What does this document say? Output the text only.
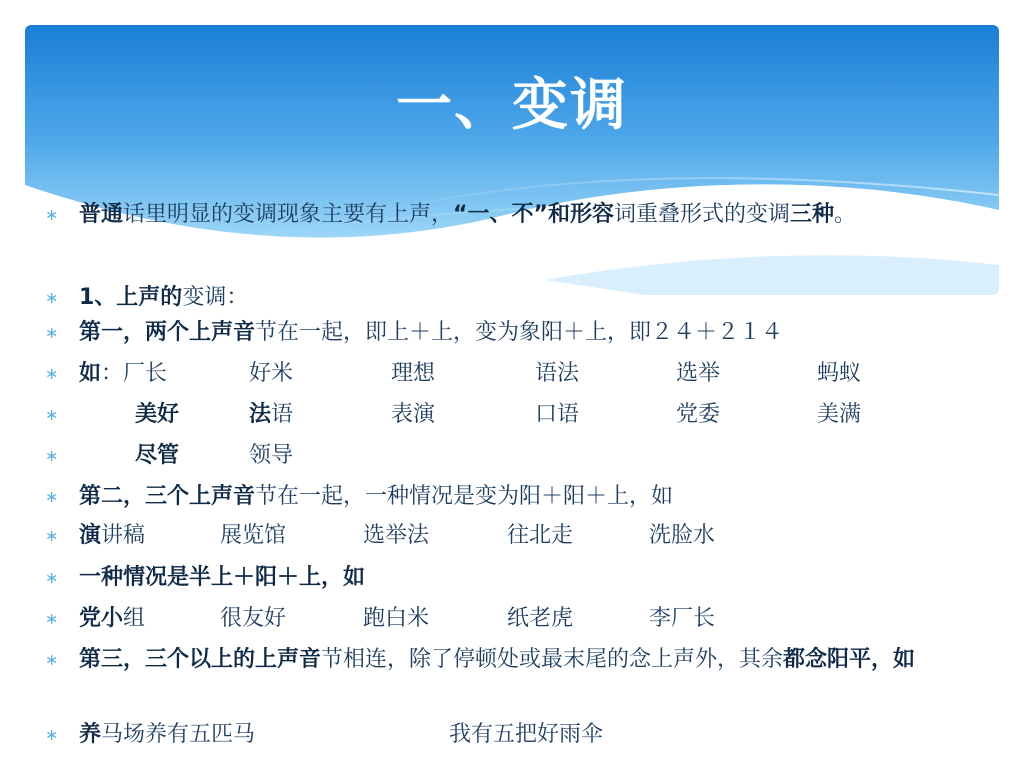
一、变调
∗ 普通话里明显的变调现象主要有上声，“一、不”和形容词重叠形式的变调三种。
∗ 1、上声的变调：
∗ 第一，两个上声音节在一起，即上＋上，变为象阳＋上，即２４＋２１４
∗ 如：厂长	好米	理想	语法	选举	蚂蚁
∗	美好	法语	表演	口语	党委	美满
∗	尽管	领导
∗ 第二，三个上声音节在一起，一种情况是变为阳＋阳＋上，如
∗ 演讲稿	展览馆	选举法	往北走	洗脸水
∗ 一种情况是半上＋阳＋上，如
∗ 党小组	很友好	跑白米	纸老虎	李厂长
∗ 第三，三个以上的上声音节相连，除了停顿处或最末尾的念上声外，其余都念阳平，如
∗ 养马场养有五匹马	我有五把好雨伞
